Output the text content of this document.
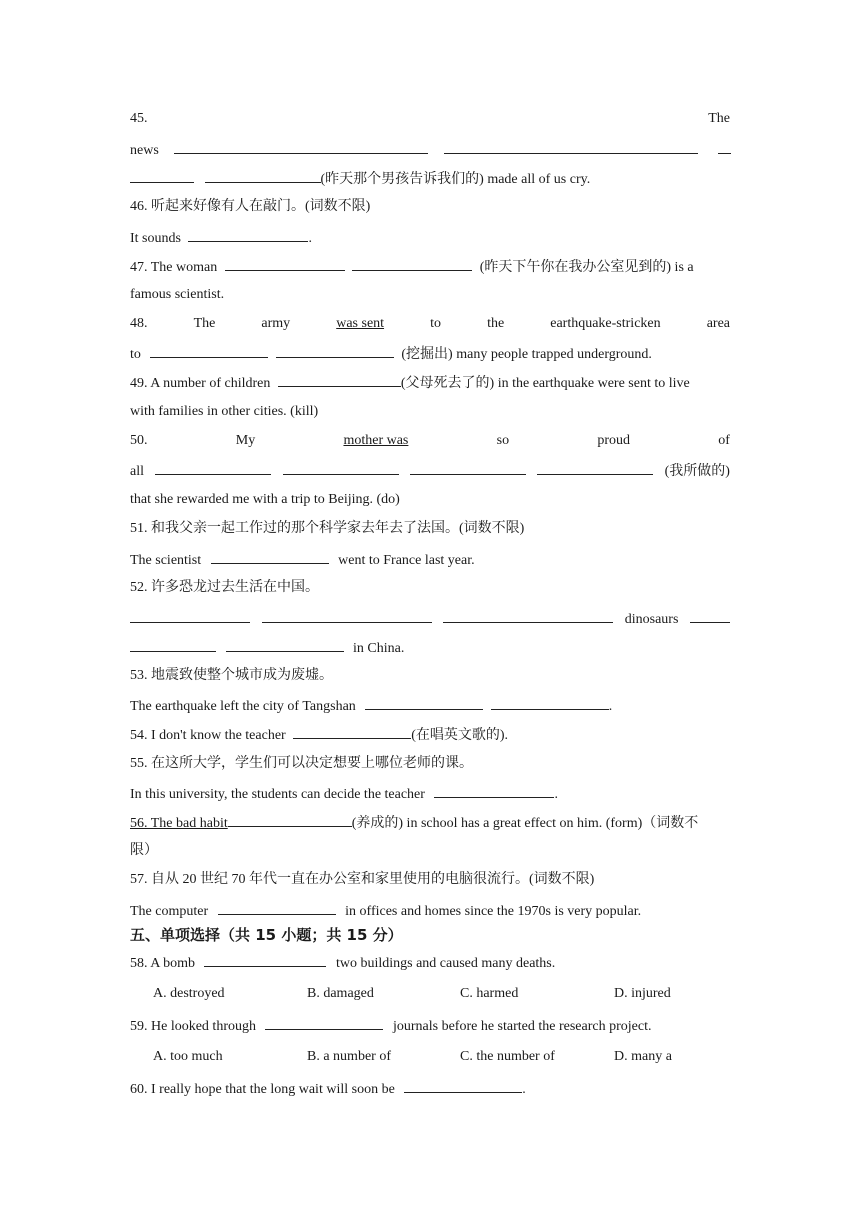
45.	The
news
(昨天那个男孩告诉我们的) made all of us cry.
46. 听起来好像有人在敲门。(词数不限)
It sounds	.
47. The woman	(昨天下午你在我办公室见到的) is a
famous scientist.
48.	The	army	was sent	to	the	earthquake-stricken	area
to	(挖掘出) many people trapped underground.
49. A number of children	(父母死去了的) in the earthquake were sent to live
with families in other cities. (kill)
50.	My	mother was	so	proud	of
all	(我所做的)
that she rewarded me with a trip to Beijing. (do)
51. 和我父亲一起工作过的那个科学家去年去了法国。(词数不限)
The scientist	went to France last year.
52. 许多恐龙过去生活在中国。
dinosaurs
in China.
53. 地震致使整个城市成为废墟。
The earthquake left the city of Tangshan	.
54. I don't know the teacher	(在唱英文歌的).
55. 在这所大学，学生们可以决定想要上哪位老师的课。
In this university, the students can decide the teacher	.
56. The bad habit	(养成的) in school has a great effect on him. (form)（词数不
限）
57. 自从 20 世纪 70 年代一直在办公室和家里使用的电脑很流行。(词数不限)
The computer	in offices and homes since the 1970s is very popular.
五、单项选择（共 15 小题；共 15 分）
58. A bomb	two buildings and caused many deaths.
A. destroyed	B. damaged	C. harmed	D. injured
59. He looked through	journals before he started the research project.
A. too much	B. a number of	C. the number of	D. many a
60. I really hope that the long wait will soon be	.
